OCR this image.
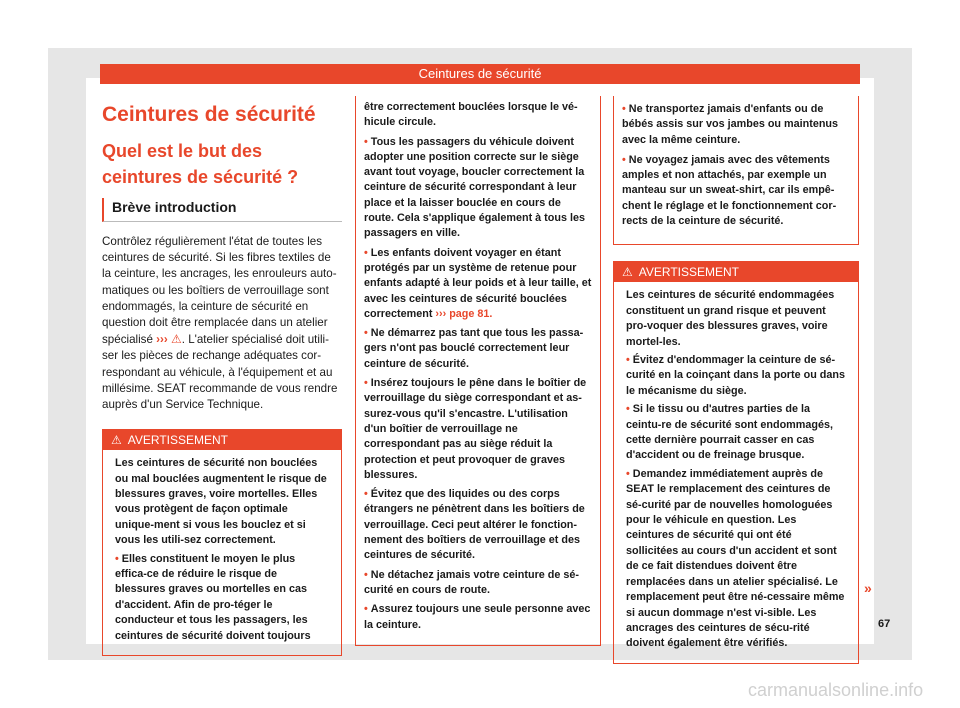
Ceintures de sécurité
Ceintures de sécurité
Quel est le but des ceintures de sécurité ?
Brève introduction

Contrôlez régulièrement l'état de toutes les ceintures de sécurité. Si les fibres textiles de la ceinture, les ancrages, les enrouleurs auto-matiques ou les boîtiers de verrouillage sont endommagés, la ceinture de sécurité en question doit être remplacée dans un atelier spécialisé ››› ⚠. L'atelier spécialisé doit utili-ser les pièces de rechange adéquates cor-respondant au véhicule, à l'équipement et au millésime. SEAT recommande de vous rendre auprès d'un Service Technique.

⚠ AVERTISSEMENT

Les ceintures de sécurité non bouclées ou mal bouclées augmentent le risque de blessures graves, voire mortelles. Elles vous protègent de façon optimale unique-ment si vous les bouclez et si vous les utili-sez correctement.

• Elles constituent le moyen le plus effica-ce de réduire le risque de blessures graves ou mortelles en cas d'accident. Afin de pro-téger le conducteur et tous les passagers, les ceintures de sécurité doivent toujours

être correctement bouclées lorsque le vé-hicule circule.

• Tous les passagers du véhicule doivent adopter une position correcte sur le siège avant tout voyage, boucler correctement la ceinture de sécurité correspondant à leur place et la laisser bouclée en cours de route. Cela s'applique également à tous les passagers en ville.

• Les enfants doivent voyager en étant protégés par un système de retenue pour enfants adapté à leur poids et à leur taille, et avec les ceintures de sécurité bouclées correctement ››› page 81.

• Ne démarrez pas tant que tous les passa-gers n'ont pas bouclé correctement leur ceinture de sécurité.

• Insérez toujours le pêne dans le boîtier de verrouillage du siège correspondant et as-surez-vous qu'il s'encastre. L'utilisation d'un boîtier de verrouillage ne correspondant pas au siège réduit la protection et peut provoquer de graves blessures.

• Évitez que des liquides ou des corps étrangers ne pénètrent dans les boîtiers de verrouillage. Ceci peut altérer le fonction-nement des boîtiers de verrouillage et des ceintures de sécurité.

• Ne détachez jamais votre ceinture de sé-curité en cours de route.

• Assurez toujours une seule personne avec la ceinture.

• Ne transportez jamais d'enfants ou de bébés assis sur vos jambes ou maintenus avec la même ceinture.

• Ne voyagez jamais avec des vêtements amples et non attachés, par exemple un manteau sur un sweat-shirt, car ils empê-chent le réglage et le fonctionnement cor-rects de la ceinture de sécurité.

⚠ AVERTISSEMENT

Les ceintures de sécurité endommagées constituent un grand risque et peuvent pro-voquer des blessures graves, voire mortel-les.

• Évitez d'endommager la ceinture de sé-curité en la coinçant dans la porte ou dans le mécanisme du siège.

• Si le tissu ou d'autres parties de la ceintu-re de sécurité sont endommagés, cette dernière pourrait casser en cas d'accident ou de freinage brusque.

• Demandez immédiatement auprès de SEAT le remplacement des ceintures de sé-curité par de nouvelles homologuées pour le véhicule en question. Les ceintures de sécurité qui ont été sollicitées au cours d'un accident et sont de ce fait distendues doivent être remplacées dans un atelier spécialisé. Le remplacement peut être né-cessaire même si aucun dommage n'est vi-sible. Les ancrages des ceintures de sécu-rité doivent également être vérifiés.

»
67
carmanualsonline.info
